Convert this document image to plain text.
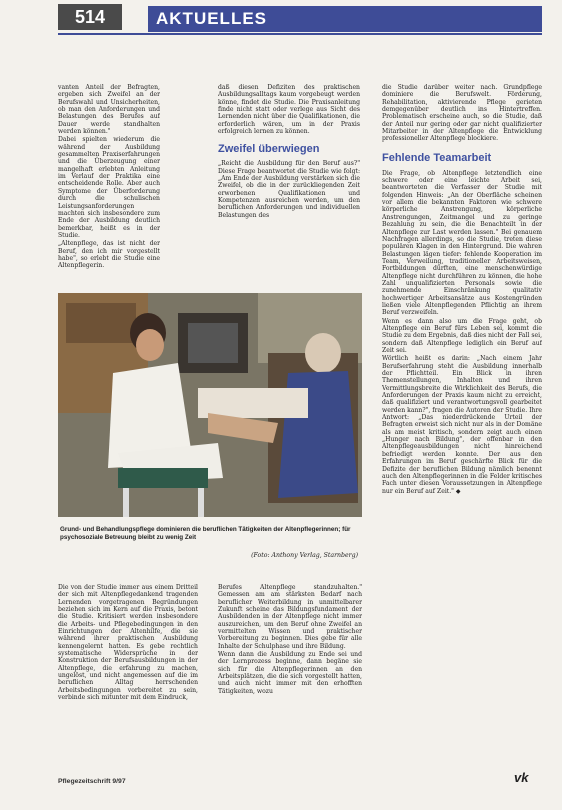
514	AKTUELLES

vanten Anteil der Befragten, ergeben sich Zweifel an der Berufswahl und Unsicherheiten, ob man den Anforderungen und Belastungen des Berufes auf Dauer werde standhalten werden können."

Dabei spielten wiederum die während der Ausbildung gesammelten Praxiserfahrungen und die Überzeugung einer mangelhaft erlebten Anleitung im Verlauf der Praktika eine entscheidende Rolle. Aber auch Symptome der Überforderung durch die schulischen Leistungsanforderungen machten sich insbesondere zum Ende der Ausbildung deutlich bemerkbar, heißt es in der Studie.

„Altenpflege, das ist nicht der Beruf, den ich mir vorgestellt habe", so erlebt die Studie eine Altenpflegerin.

daß diesen Defiziten des praktischen Ausbildungsalltags kaum vorgebeugt werden könne, findet die Studie. Die Praxisanleitung finde nicht statt oder verlege aus Sicht des Lernenden nicht über die Qualifikationen, die erforderlich wären, um in der Praxis erfolgreich lernen zu können.

Zweifel überwiegen

„Reicht die Ausbildung für den Beruf aus?" Diese Frage beantwortet die Studie wie folgt: „Am Ende der Ausbildung verstärken sich die Zweifel, ob die in der zurückliegenden Zeit erworbenen Qualifikationen und Kompetenzen ausreichen werden, um den beruflichen Anforderungen und individuellen Belastungen des

die Studie darüber weiter nach. Grundpflege dominiere die Berufswelt. Förderung, Rehabilitation, aktivierende Pflege gerieten demgegenüber deutlich ins Hintertreffen. Problematisch erscheine auch, so die Studie, daß der Anteil nur gering oder gar nicht qualifizierter Mitarbeiter in der Altenpflege die Entwicklung professioneller Altenpflege blockiere.

Fehlende Teamarbeit

Die Frage, ob Altenpflege letztendlich eine schwere oder eine leichte Arbeit sei, beantworteten die Verfasser der Studie mit folgenden Hinweis: „An der Oberfläche scheinen vor allem die bekannten Faktoren wie schwere körperliche Anstrengung, körperliche Anstrengungen, Zeitmangel und zu geringe Bezahlung zu sein, die die Benachteilt in der Altenpflege zur Last werden lassen." Bei genauem Nachfragen allerdings, so die Studie, treten diese populären Klagen in den Hintergrund. Die wahren Belastungen lägen tiefer: fehlende Kooperation im Team, Verweilung, traditioneller Arbeitsweisen, Fortbildungen dürften, eine menschenwürdige Altenpflege nicht durchführen zu können, die hohe Zahl unqualifizierten Personals sowie die zunehmende Einschränkung qualitativ hochwertiger Arbeitsansätze aus Kostengründen ließen viele Altenpflegenden Pflichtig an ihrem Beruf verzweifeln.

Wenn es dann also um die Frage geht, ob Altenpflege ein Beruf fürs Leben sei, kommt die Studie zu dem Ergebnis, daß dies nicht der Fall sei, sondern daß Altenpflege lediglich ein Beruf auf Zeit sei.

Wörtlich heißt es darin: „Nach einem Jahr Berufserfahrung steht die Ausbildung innerhalb der Pflichtteil. Ein Blick in ihren Themenstellungen, Inhalten und ihren Vermittlungsbreite die Wirklichkeit des Berufs, die Anforderungen der Praxis kaum nicht zu erreicht, daß qualifiziert und verantwortungsvoll gearbeitet werden kann?", fragen die Autoren der Studie. Ihre Antwort: „Das niederdrückende Urteil der Befragten erweist sich nicht nur als in der Domäne als am meist kritisch, sondern zeigt auch einen „Hunger nach Bildung", der offenbar in den Altenpflegeausbildungen nicht hinreichend befriedigt werden konnte. Der aus den Erfahrungen im Beruf geschärfte Blick für die Defizite der beruflichen Bildung nämlich benennt auch den Altenpflegerinnen in die Felder kritisches Fach unter diesen Voraussetzungen in Altenpflege nur ein Beruf auf Zeit." ◆

Grund- und Behandlungspflege dominieren die beruflichen Tätigkeiten der Altenpflegerinnen; für psychosoziale Betreuung bleibt zu wenig Zeit
(Foto: Anthony Verlag, Starnberg)

Die von der Studie immer aus einem Dritteil der sich mit Altenpflegedankend tragenden Lernenden vorgetragenen Begründungen beziehen sich im Kern auf die Praxis, betont die Studie. Kritisiert werden insbesondere die Arbeits- und Pflegebedingungen in den Einrichtungen der Altenhilfe, die sie während ihrer praktischen Ausbildung kennengelernt hatten. Es gebe rechtlich systematische Widersprüche in der Konstruktion der Berufsausbildungen in der Altenpflege, die erfahrung zu machen, ungelöst, und nicht angemessen auf die im beruflichen Alltag herrschenden Arbeitsbedingungen vorbereitet zu sein, verbinde sich mitunter mit dem Eindruck,

Berufes Altenpflege standzuhalten." Gemessen am am stärksten Bedarf nach beruflicher Weiterbildung in unmittelbarer Zukunft scheine das Bildungsfundament der Ausbildenden in der Altenpflege nicht immer auszureichen, um den Beruf ohne Zweifel an vermittelten Wissen und praktischer Vorbereitung zu beginnen. Dies gebe für alle Inhalte der Schulphase und ihre Bildung.

Wenn dann die Ausbildung zu Ende sei und der Lernprozess beginne, dann begäne sie sich für die Altenpflegerinnen an den Arbeitsplätzen, die die sich vorgestellt hatten, und auch nicht immer mit den erhofften Tätigkeiten, wozu

Pflegezeitschrift 9/97	vk
